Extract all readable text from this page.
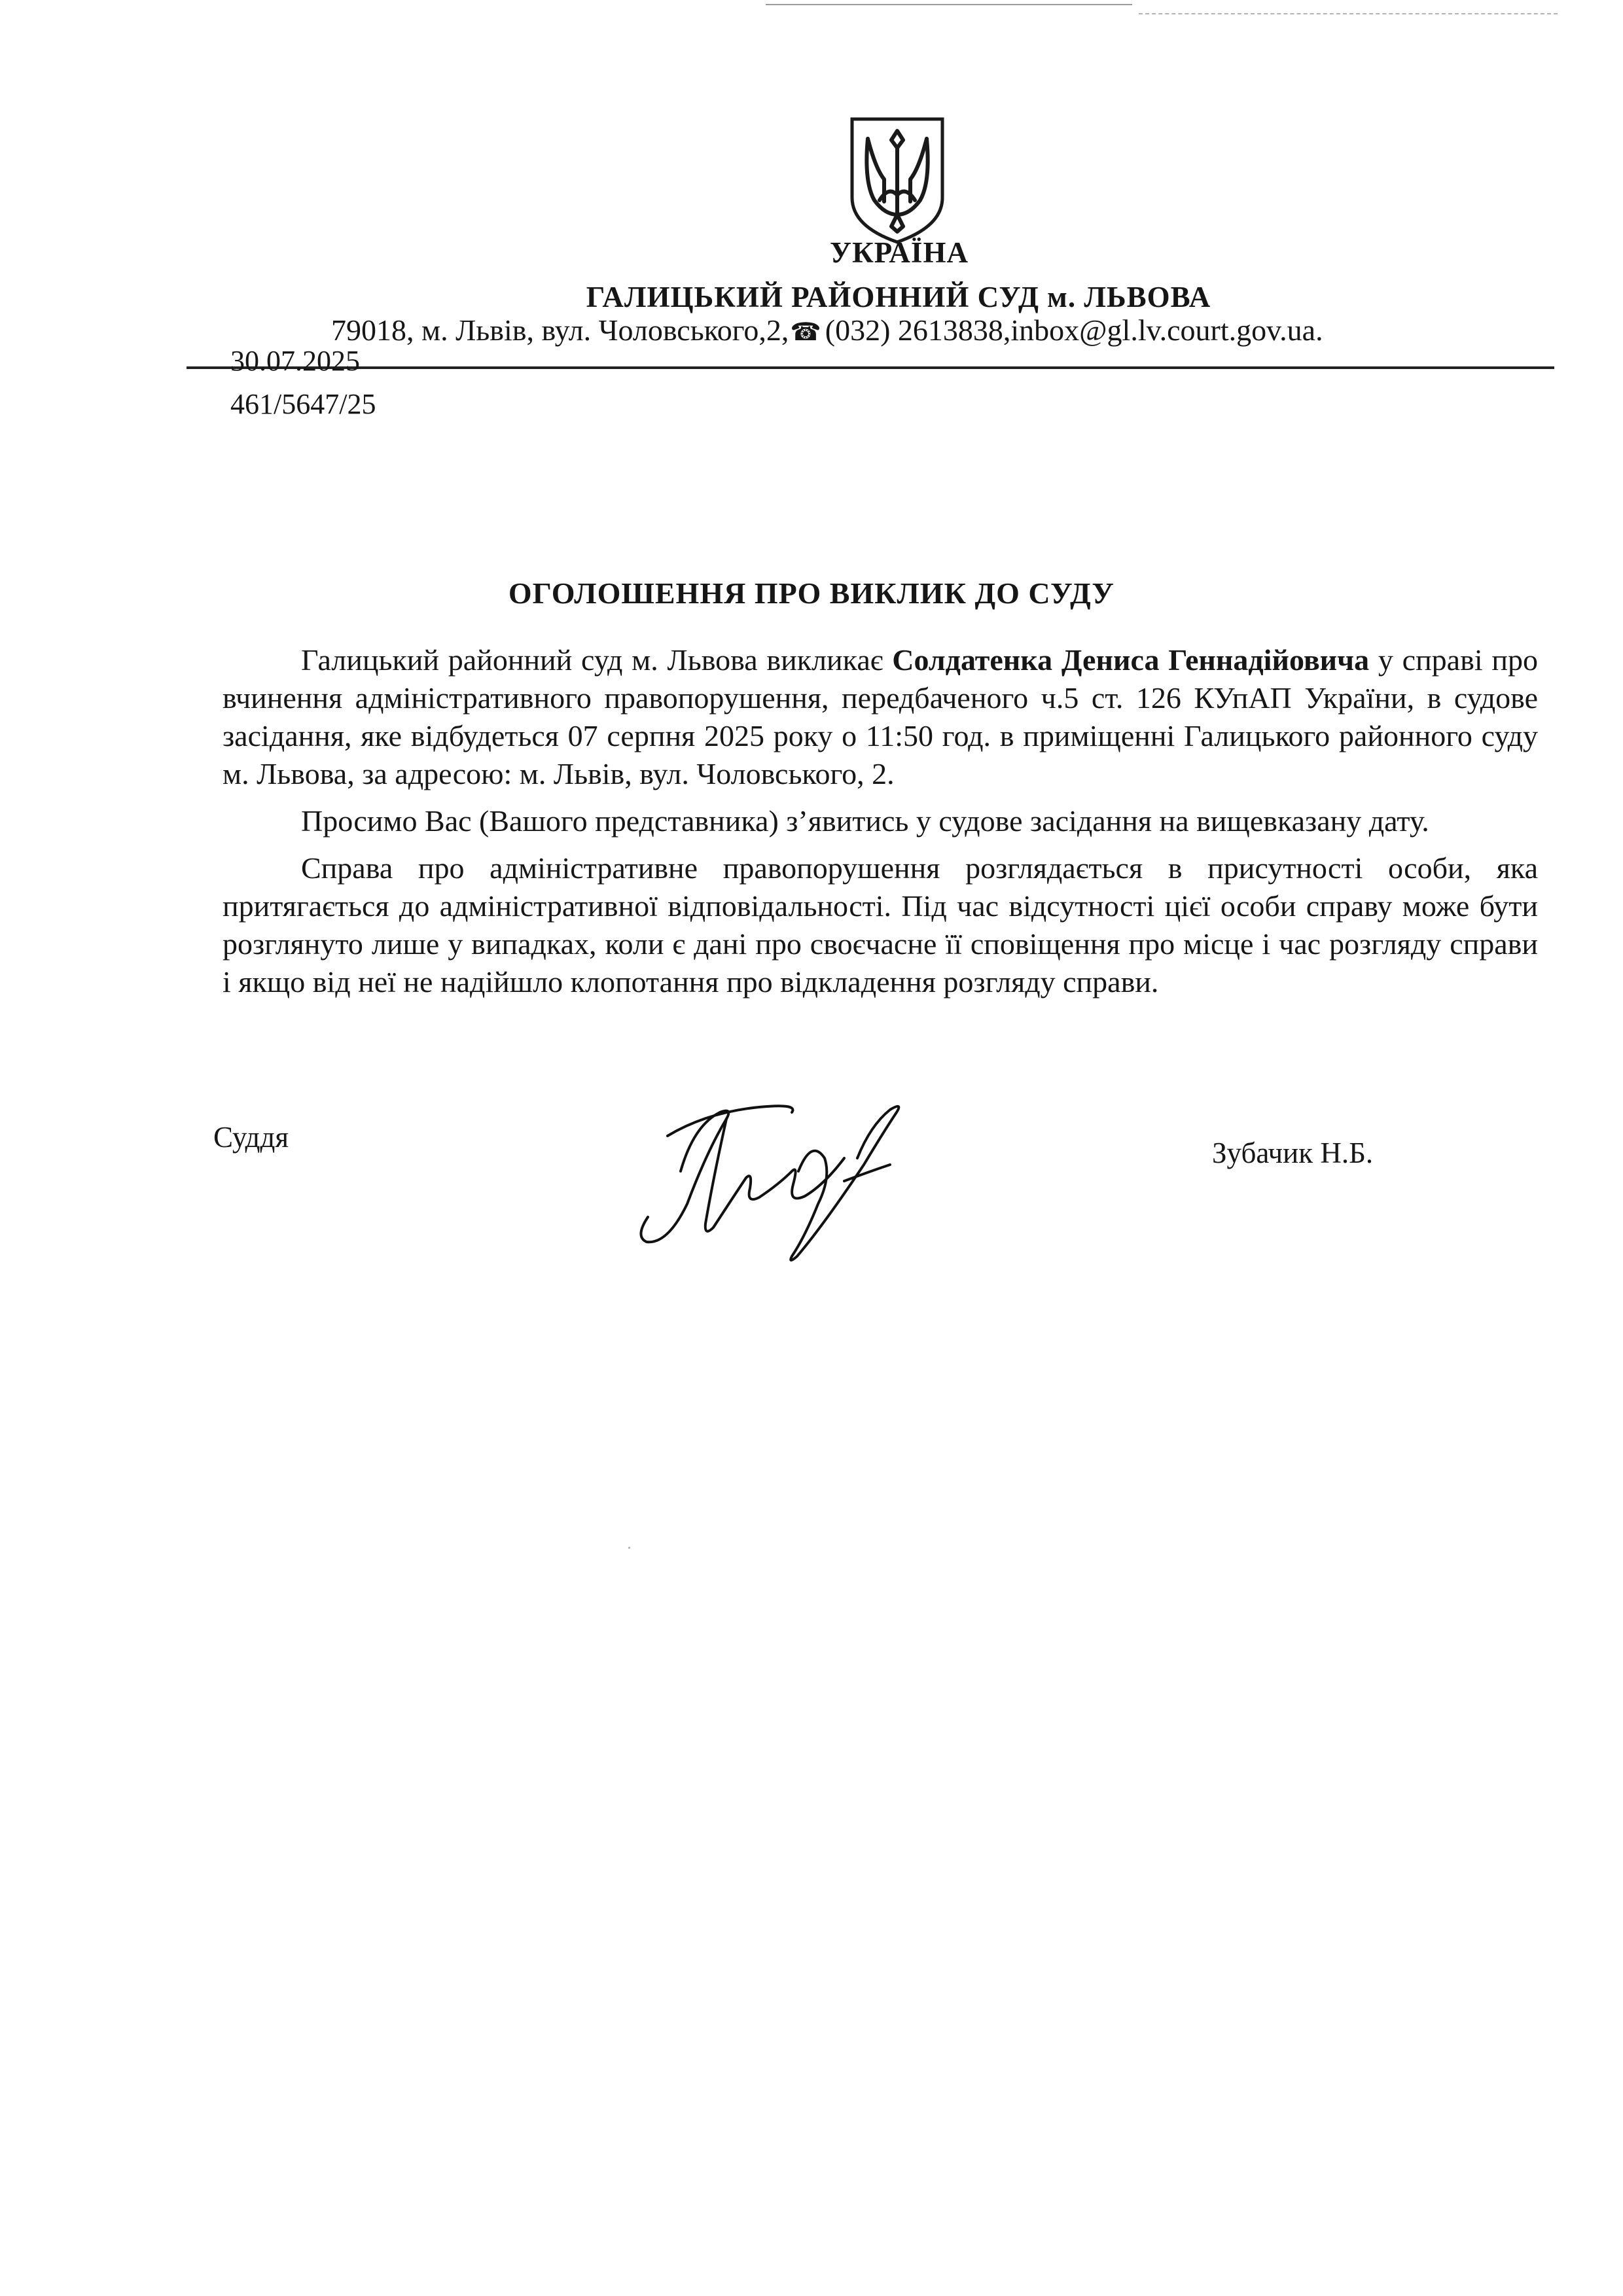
УКРАЇНА
ГАЛИЦЬКИЙ РАЙОННИЙ СУД м. ЛЬВОВА
79018, м. Львів, вул. Чоловського,2,☎ (032) 2613838,inbox@gl.lv.court.gov.ua.
30.07.2025
461/5647/25
ОГОЛОШЕННЯ ПРО ВИКЛИК ДО СУДУ

Галицький районний суд м. Львова викликає Солдатенка Дениса Геннадійовича у справі про вчинення адміністративного правопорушення, передбаченого ч.5 ст. 126 КУпАП України, в судове засідання, яке відбудеться 07 серпня 2025 року о 11:50 год. в приміщенні Галицького районного суду м. Львова, за адресою: м. Львів, вул. Чоловського, 2.

Просимо Вас (Вашого представника) з’явитись у судове засідання на вищевказану дату.

Справа про адміністративне правопорушення розглядається в присутності особи, яка притягається до адміністративної відповідальності. Під час відсутності цієї особи справу може бути розглянуто лише у випадках, коли є дані про своєчасне її сповіщення про місце і час розгляду справи і якщо від неї не надійшло клопотання про відкладення розгляду справи.

Суддя	Зубачик Н.Б.
